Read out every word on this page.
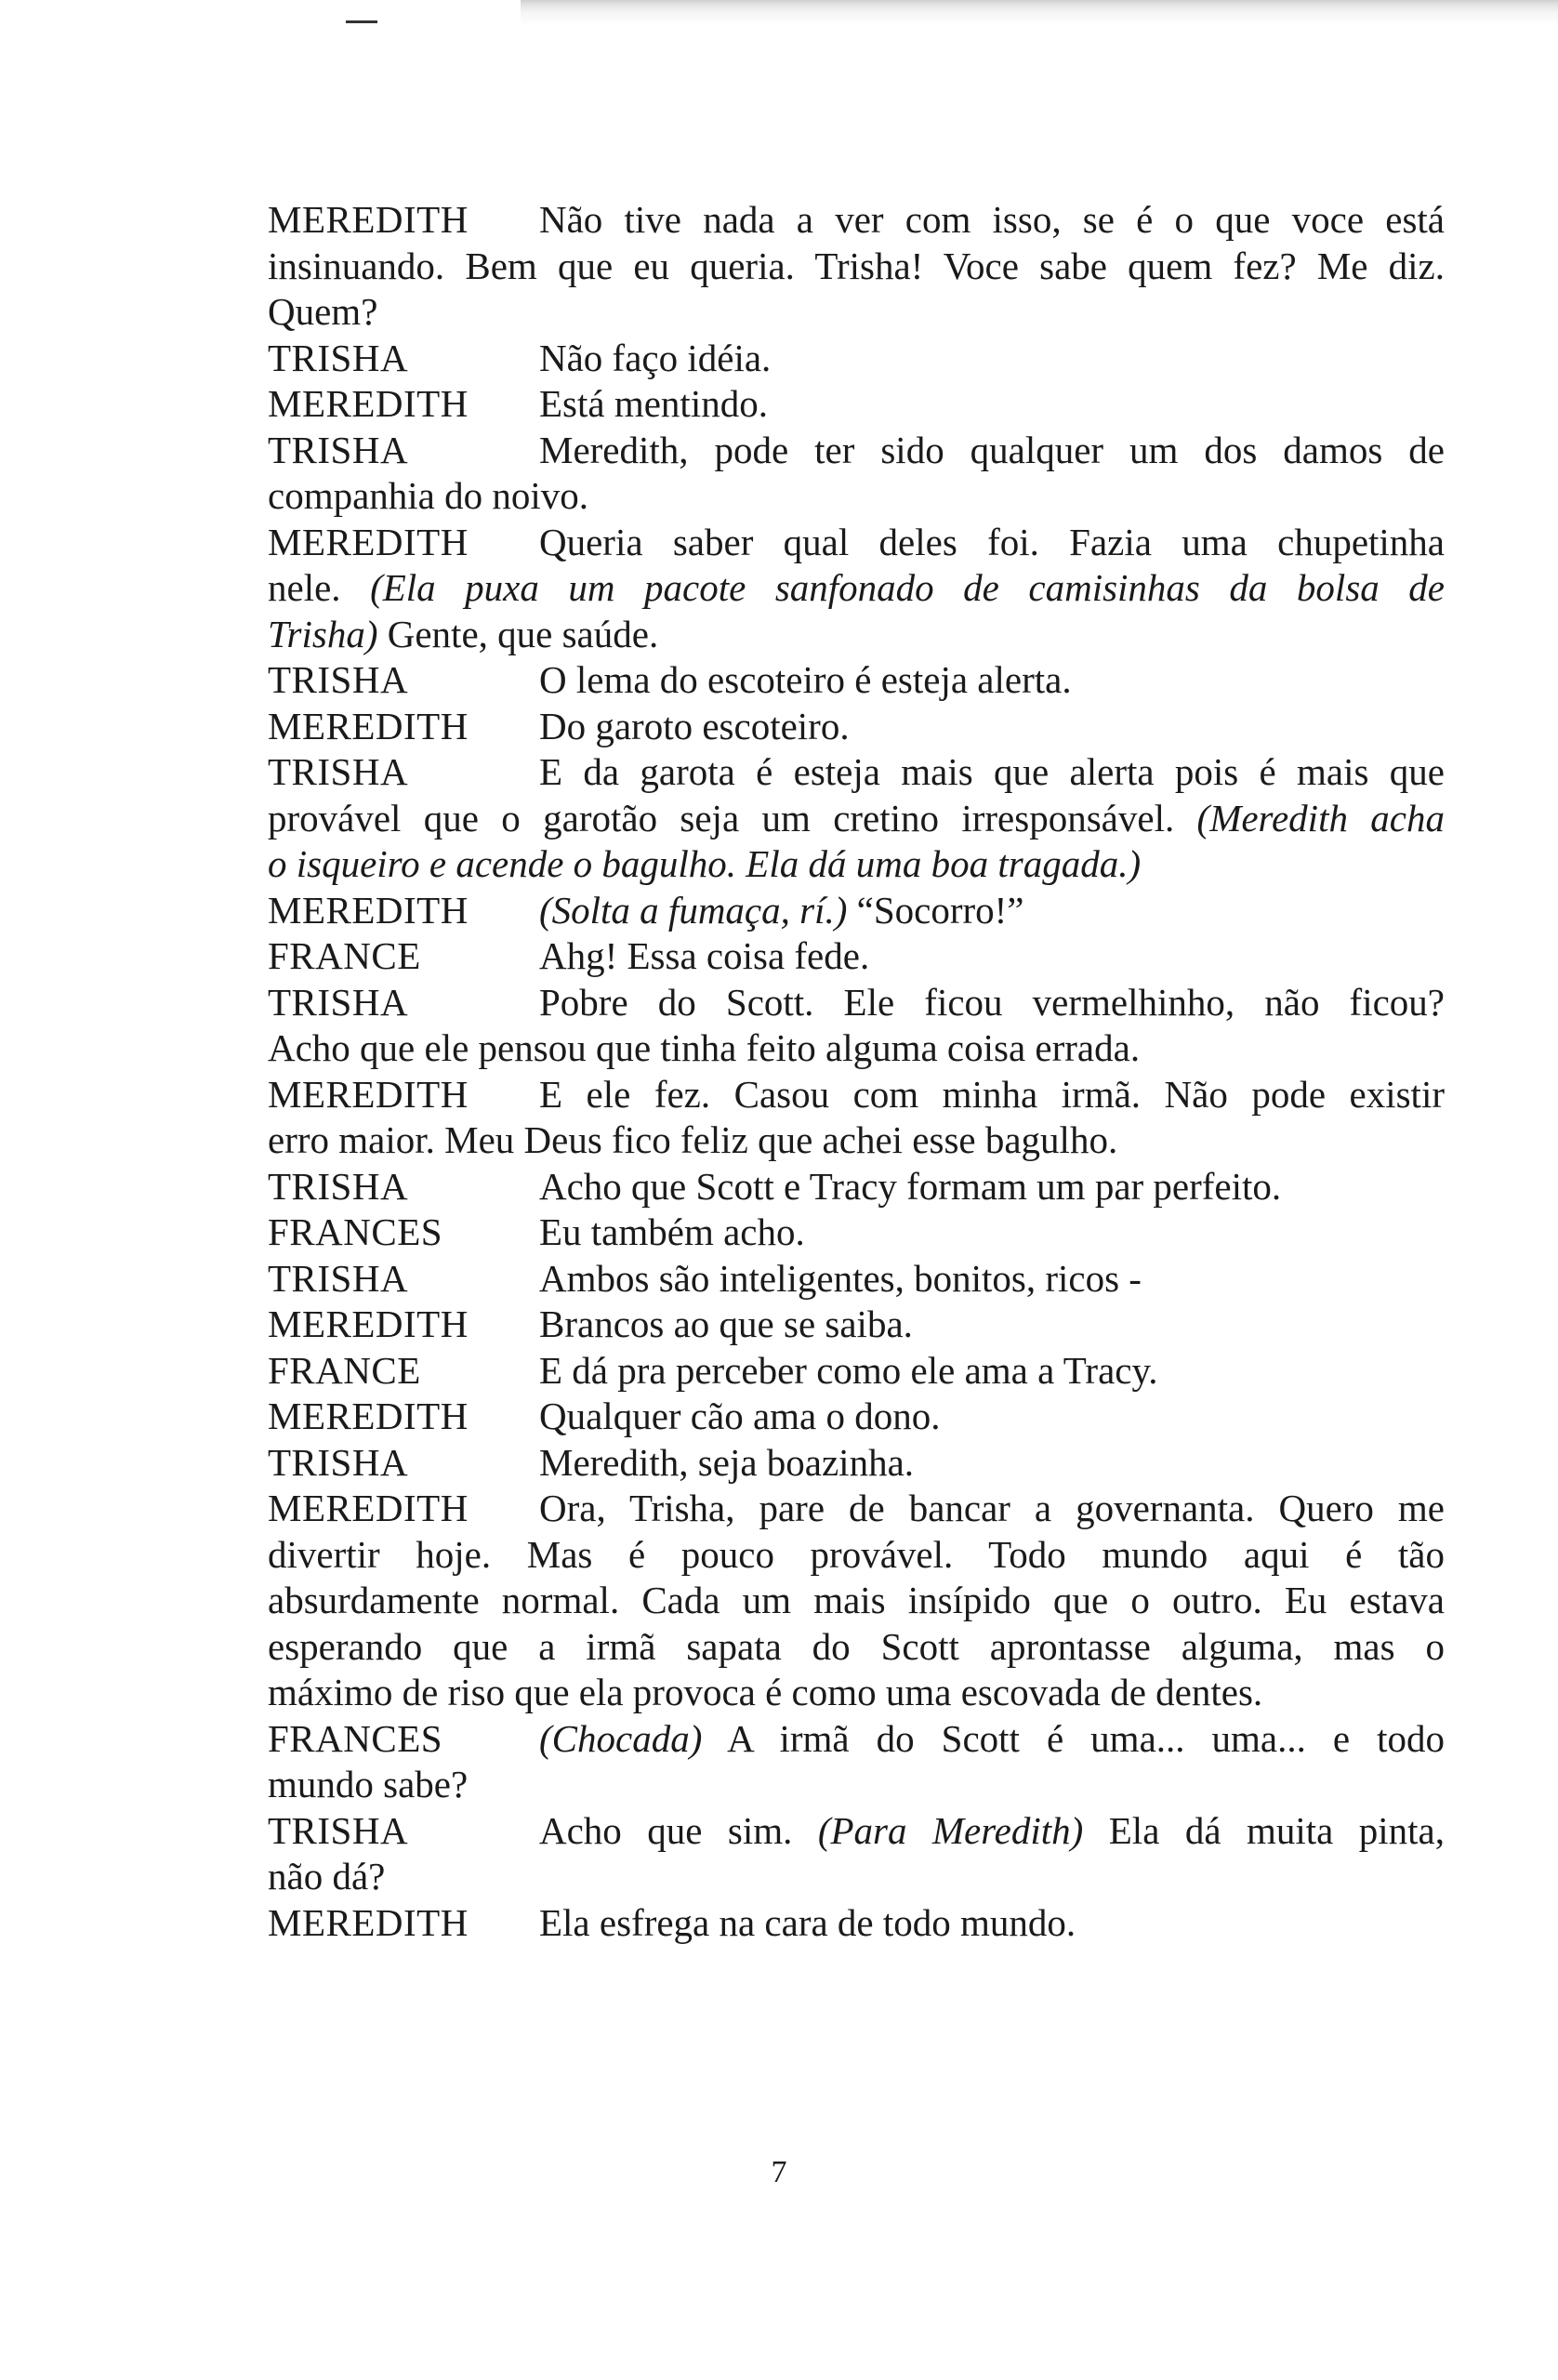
MEREDITH Não tive nada a ver com isso, se é o que voce está

insinuando. Bem que eu queria. Trisha! Voce sabe quem fez? Me diz.

Quem?

TRISHA	Não faço idéia.

MEREDITH Está mentindo.

TRISHA	Meredith, pode ter sido qualquer um dos damos de

companhia do noivo.

MEREDITH Queria saber qual deles foi. Fazia uma chupetinha

nele. (Ela puxa um pacote sanfonado de camisinhas da bolsa de

Trisha) Gente, que saúde.

TRISHA	O lema do escoteiro é esteja alerta.

MEREDITH Do garoto escoteiro.

TRISHA	E da garota é esteja mais que alerta pois é mais que

provável que o garotão seja um cretino irresponsável. (Meredith acha

o isqueiro e acende o bagulho. Ela dá uma boa tragada.)

MEREDITH (Solta a fumaça, rí.) “Socorro!”

FRANCE	Ahg! Essa coisa fede.

TRISHA	Pobre do Scott. Ele ficou vermelhinho, não ficou?

Acho que ele pensou que tinha feito alguma coisa errada.

MEREDITH E ele fez. Casou com minha irmã. Não pode existir

erro maior. Meu Deus fico feliz que achei esse bagulho.

TRISHA	Acho que Scott e Tracy formam um par perfeito.

FRANCES	Eu também acho.

TRISHA	Ambos são inteligentes, bonitos, ricos -

MEREDITH Brancos ao que se saiba.

FRANCE	E dá pra perceber como ele ama a Tracy.

MEREDITH Qualquer cão ama o dono.

TRISHA	Meredith, seja boazinha.

MEREDITH Ora, Trisha, pare de bancar a governanta. Quero me

divertir hoje. Mas é pouco provável. Todo mundo aqui é tão

absurdamente normal. Cada um mais insípido que o outro. Eu estava

esperando que a irmã sapata do Scott aprontasse alguma, mas o

máximo de riso que ela provoca é como uma escovada de dentes.

FRANCES	(Chocada) A irmã do Scott é uma... uma... e todo

mundo sabe?

TRISHA	Acho que sim. (Para Meredith) Ela dá muita pinta,

não dá?

MEREDITH Ela esfrega na cara de todo mundo.

7
